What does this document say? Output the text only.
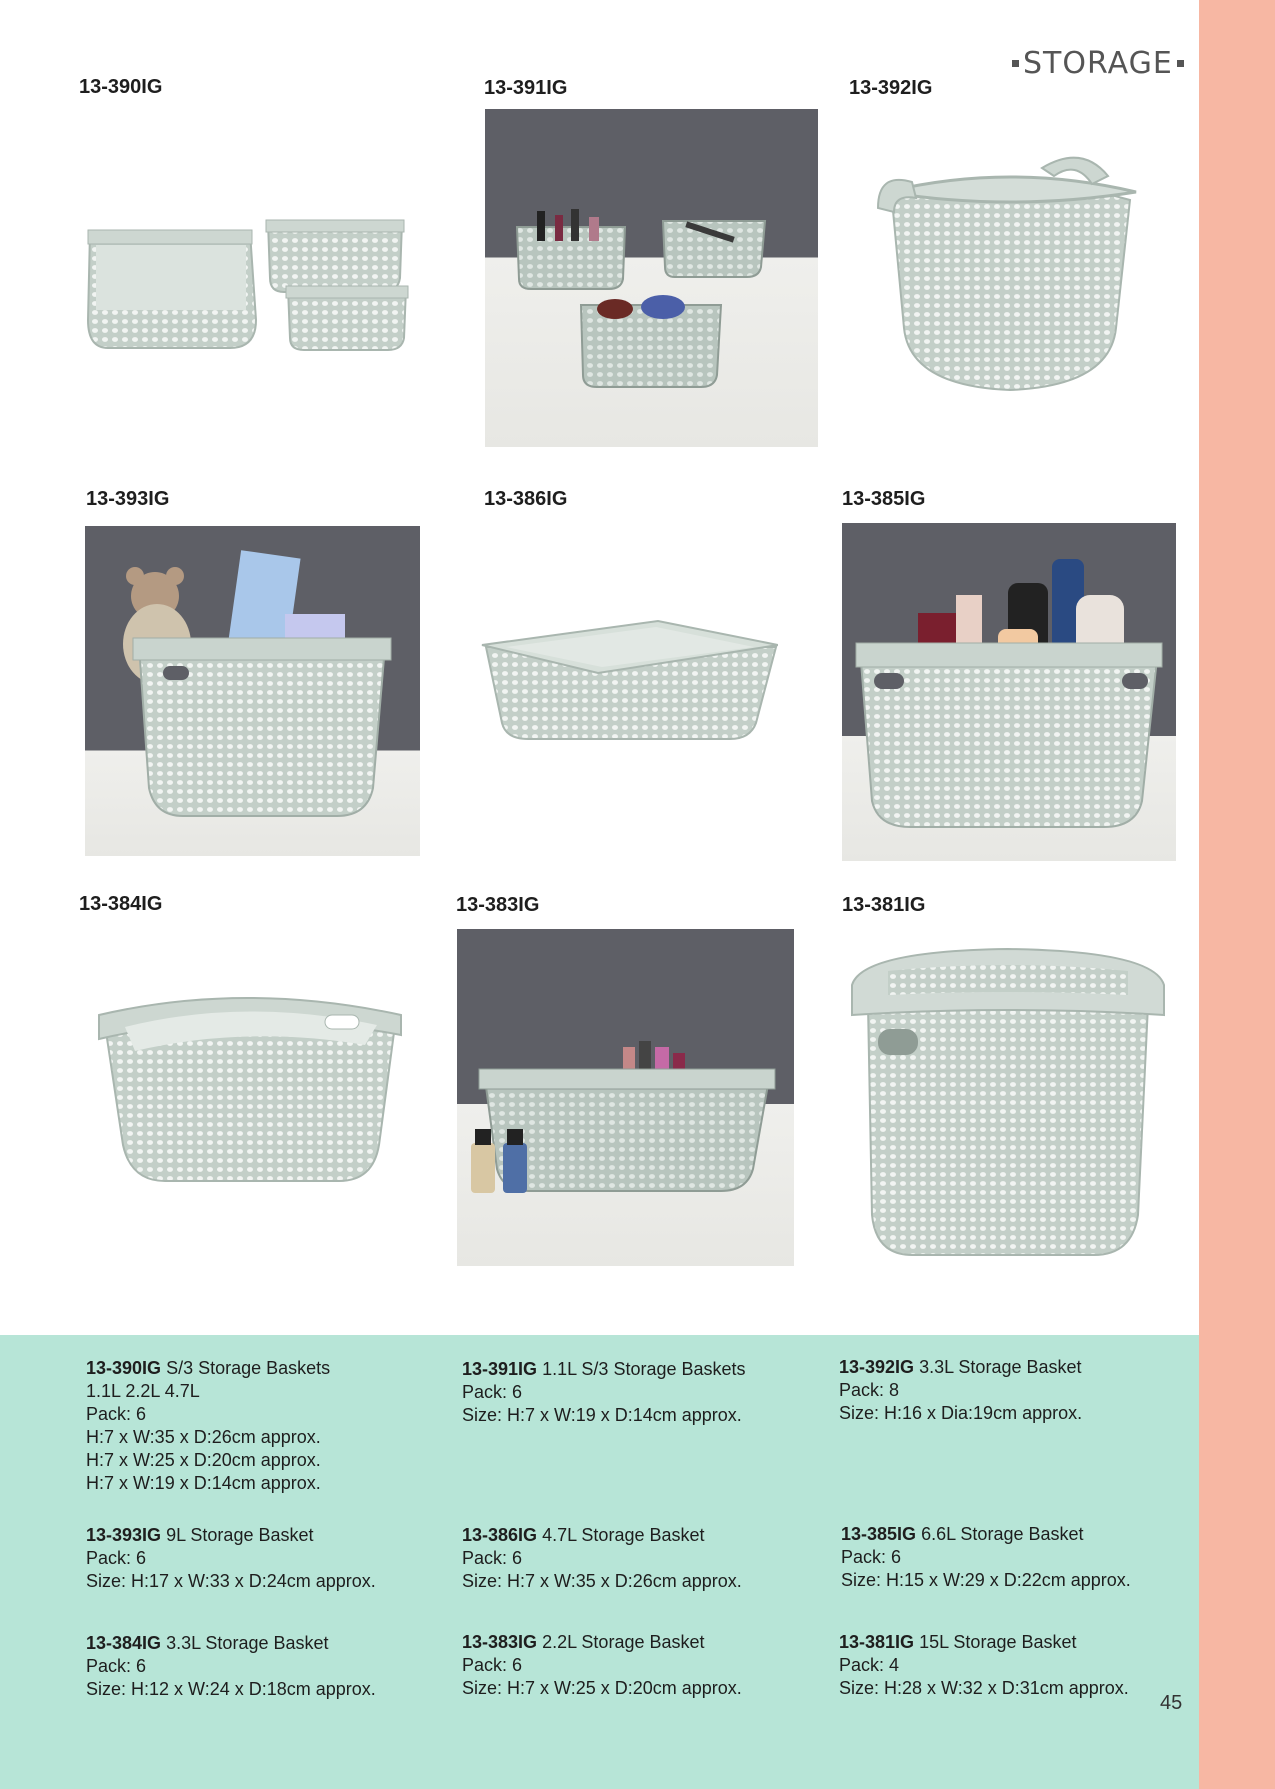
STORAGE
13-390IG	13-391IG	13-392IG
13-393IG	13-386IG	13-385IG
13-384IG	13-383IG	13-381IG
13-390IG S/3 Storage Baskets
1.1L 2.2L 4.7L
Pack: 6
H:7 x W:35 x D:26cm approx.
H:7 x W:25 x D:20cm approx.
H:7 x W:19 x D:14cm approx.
13-391IG 1.1L S/3 Storage Baskets
Pack: 6
Size: H:7 x W:19 x D:14cm approx.
13-392IG 3.3L Storage Basket
Pack: 8
Size: H:16 x Dia:19cm approx.
13-393IG 9L Storage Basket
Pack: 6
Size: H:17 x W:33 x D:24cm approx.
13-386IG 4.7L Storage Basket
Pack: 6
Size: H:7 x W:35 x D:26cm approx.
13-385IG 6.6L Storage Basket
Pack: 6
Size: H:15 x W:29 x D:22cm approx.
13-384IG 3.3L Storage Basket
Pack: 6
Size: H:12 x W:24 x D:18cm approx.
13-383IG 2.2L Storage Basket
Pack: 6
Size: H:7 x W:25 x D:20cm approx.
13-381IG 15L Storage Basket
Pack: 4
Size: H:28 x W:32 x D:31cm approx.
45
